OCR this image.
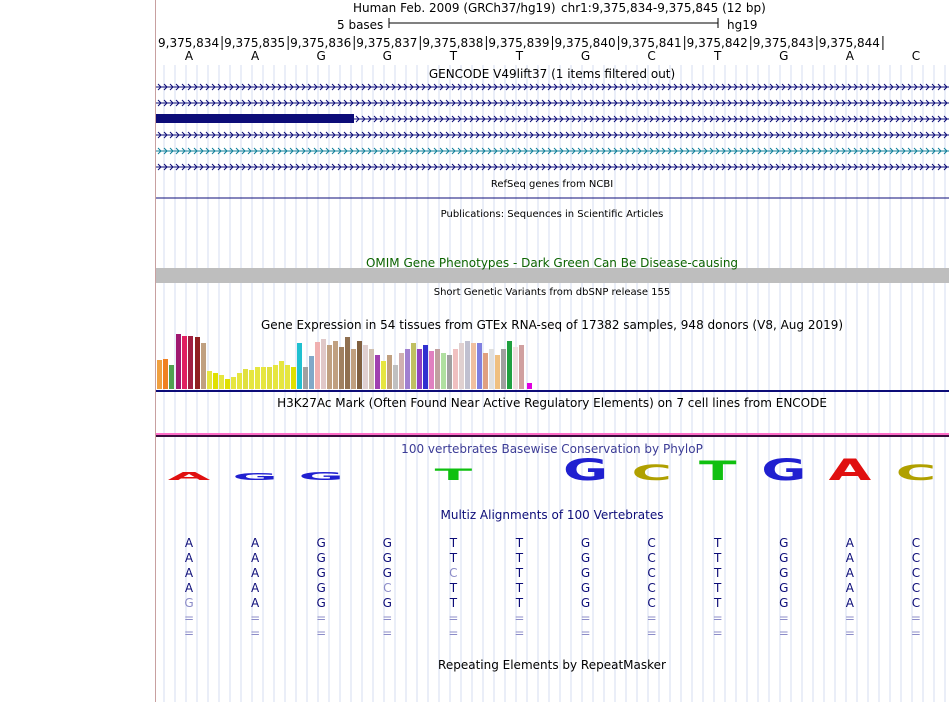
A G G	T	G C T G A C
Human Feb. 2009 (GRCh37/hg19) chr1:9,375,834-9,375,845 (12 bp)
5 bases	hg19
9,375,834 9,375,835 9,375,836 9,375,837 9,375,838 9,375,839 9,375,840 9,375,841 9,375,842 9,375,843 9,375,844
A	A	G	G	T	T	G	C	T	G	A	C
GENCODE V49lift37 (1 items filtered out)
RefSeq genes from NCBI
Publications: Sequences in Scientific Articles
OMIM Gene Phenotypes - Dark Green Can Be Disease-causing
Short Genetic Variants from dbSNP release 155
Gene Expression in 54 tissues from GTEx RNA-seq of 17382 samples, 948 donors (V8, Aug 2019)
H3K27Ac Mark (Often Found Near Active Regulatory Elements) on 7 cell lines from ENCODE
100 vertebrates Basewise Conservation by PhyloP
Multiz Alignments of 100 Vertebrates
Repeating Elements by RepeatMasker
A	A	G	G	T	T	G	C	T	G	A	C
A	A	G	G	T	T	G	C	T	G	A	C
A	A	G	G	C	T	G	C	T	G	A	C
A	A	G	C	T	T	G	C	T	G	A	C
G	A	G	G	T	T	G	C	T	G	A	C
=	=	=	=	=	=	=	=	=	=	=	=
=	=	=	=	=	=	=	=	=	=	=	=
